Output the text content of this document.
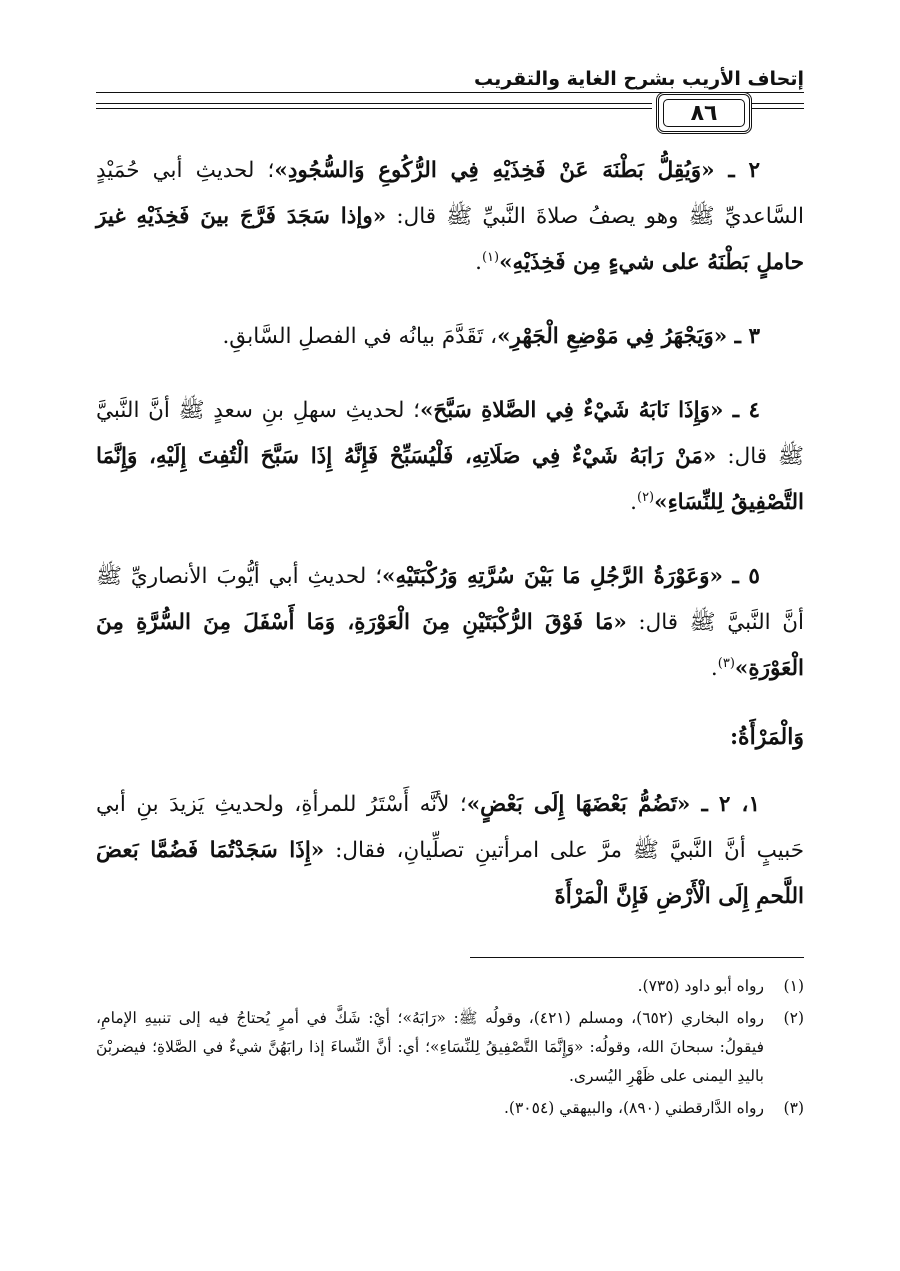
إتحاف الأريب بشرح الغاية والتقريب
٨٦

٢ ـ «وَيُقِلُّ بَطْنَهَ عَنْ فَخِذَيْهِ فِي الرُّكُوعِ وَالسُّجُودِ»؛ لحديثِ أبي حُمَيْدٍ السَّاعديِّ ﷺ وهو يصفُ صلاةَ النَّبيِّ ﷺ قال: «وإذا سَجَدَ فَرَّجَ بينَ فَخِذَيْهِ غيرَ حاملٍ بَطْنَهُ على شيءٍ مِن فَخِذَيْهِ»$^{(١)}$.

٣ ـ «وَيَجْهَرُ فِي مَوْضِعِ الْجَهْرِ»، تَقَدَّمَ بيانُه في الفصلِ السَّابقِ.

٤ ـ «وَإِذَا نَابَهُ شَيْءٌ فِي الصَّلاةِ سَبَّحَ»؛ لحديثِ سهلِ بنِ سعدٍ ﷺ أنَّ النَّبيَّ ﷺ قال: «مَنْ رَابَهُ شَيْءٌ فِي صَلَاتِهِ، فَلْيُسَبِّحْ فَإِنَّهُ إِذَا سَبَّحَ الْتُفِتَ إِلَيْهِ، وَإِنَّمَا التَّصْفِيقُ لِلنِّسَاءِ»$^{(٢)}$.

٥ ـ «وَعَوْرَةُ الرَّجُلِ مَا بَيْنَ سُرَّتِهِ وَرُكْبَتَيْهِ»؛ لحديثِ أبي أيُّوبَ الأنصاريِّ ﷺ أنَّ النَّبيَّ ﷺ قال: «مَا فَوْقَ الرُّكْبَتَيْنِ مِنَ الْعَوْرَةِ، وَمَا أَسْفَلَ مِنَ السُّرَّةِ مِنَ الْعَوْرَةِ»$^{(٣)}$.

وَالْمَرْأَةُ:

١، ٢ ـ «تَضُمُّ بَعْضَهَا إِلَى بَعْضٍ»؛ لأنَّه أَسْتَرُ للمرأةِ، ولحديثِ يَزيدَ بنِ أبي حَبيبٍ أنَّ النَّبيَّ ﷺ مرَّ على امرأتينِ تصلِّيانِ، فقال: «إِذَا سَجَدْتُمَا فَضُمَّا بَعضَ اللَّحمِ إِلَى الْأَرْضِ فَإِنَّ الْمَرْأَةَ

(١)
رواه أبو داود (٧٣٥).
(٢)
رواه البخاري (٦٥٢)، ومسلم (٤٢١)، وقولُه ﷺ: «رَابَهُ»؛ أيْ: شَكَّ في أمرٍ يُحتاجُ فيه إلى تنبيهِ الإمامِ، فيقولُ: سبحانَ الله، وقولُه: «وَإِنَّمَا التَّصْفِيقُ لِلنِّسَاءِ»؛ أي: أنَّ النِّساءَ إذا رابَهُنَّ شيءٌ في الصَّلاةِ؛ فيضربْنَ باليدِ اليمنى على ظَهْرِ اليُسرى.
(٣)
رواه الدَّارقطني (٨٩٠)، والبيهقي (٣٠٥٤).
